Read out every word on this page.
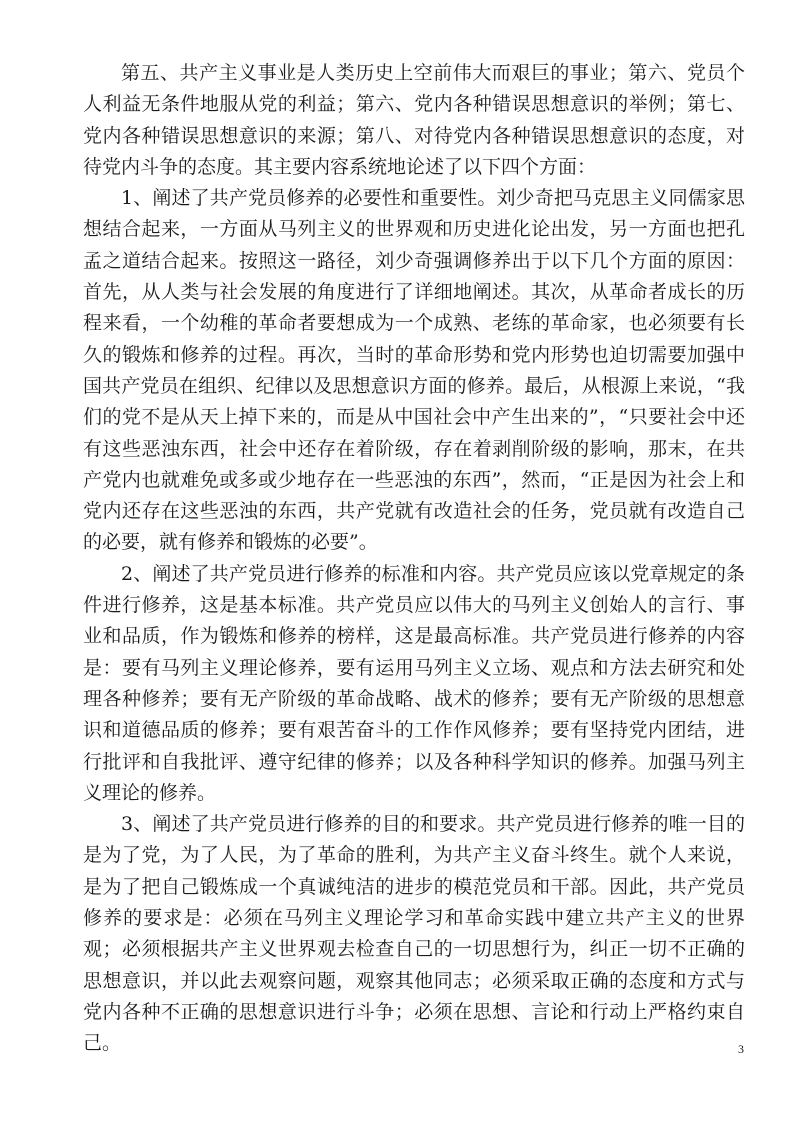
第五、共产主义事业是人类历史上空前伟大而艰巨的事业；第六、党员个人利益无条件地服从党的利益；第六、党内各种错误思想意识的举例；第七、党内各种错误思想意识的来源；第八、对待党内各种错误思想意识的态度，对待党内斗争的态度。其主要内容系统地论述了以下四个方面：

1、阐述了共产党员修养的必要性和重要性。刘少奇把马克思主义同儒家思想结合起来，一方面从马列主义的世界观和历史进化论出发，另一方面也把孔孟之道结合起来。按照这一路径，刘少奇强调修养出于以下几个方面的原因：首先，从人类与社会发展的角度进行了详细地阐述。其次，从革命者成长的历程来看，一个幼稚的革命者要想成为一个成熟、老练的革命家，也必须要有长久的锻炼和修养的过程。再次，当时的革命形势和党内形势也迫切需要加强中国共产党员在组织、纪律以及思想意识方面的修养。最后，从根源上来说，“我们的党不是从天上掉下来的，而是从中国社会中产生出来的”，“只要社会中还有这些恶浊东西，社会中还存在着阶级，存在着剥削阶级的影响，那末，在共产党内也就难免或多或少地存在一些恶浊的东西”，然而，“正是因为社会上和党内还存在这些恶浊的东西，共产党就有改造社会的任务，党员就有改造自己的必要，就有修养和锻炼的必要”。

2、阐述了共产党员进行修养的标准和内容。共产党员应该以党章规定的条件进行修养，这是基本标准。共产党员应以伟大的马列主义创始人的言行、事业和品质，作为锻炼和修养的榜样，这是最高标准。共产党员进行修养的内容是：要有马列主义理论修养，要有运用马列主义立场、观点和方法去研究和处理各种修养；要有无产阶级的革命战略、战术的修养；要有无产阶级的思想意识和道德品质的修养；要有艰苦奋斗的工作作风修养；要有坚持党内团结，进行批评和自我批评、遵守纪律的修养；以及各种科学知识的修养。加强马列主义理论的修养。

3、阐述了共产党员进行修养的目的和要求。共产党员进行修养的唯一目的是为了党，为了人民，为了革命的胜利，为共产主义奋斗终生。就个人来说，是为了把自己锻炼成一个真诚纯洁的进步的模范党员和干部。因此，共产党员修养的要求是：必须在马列主义理论学习和革命实践中建立共产主义的世界观；必须根据共产主义世界观去检查自己的一切思想行为，纠正一切不正确的思想意识，并以此去观察问题，观察其他同志；必须采取正确的态度和方式与党内各种不正确的思想意识进行斗争；必须在思想、言论和行动上严格约束自己。	3
